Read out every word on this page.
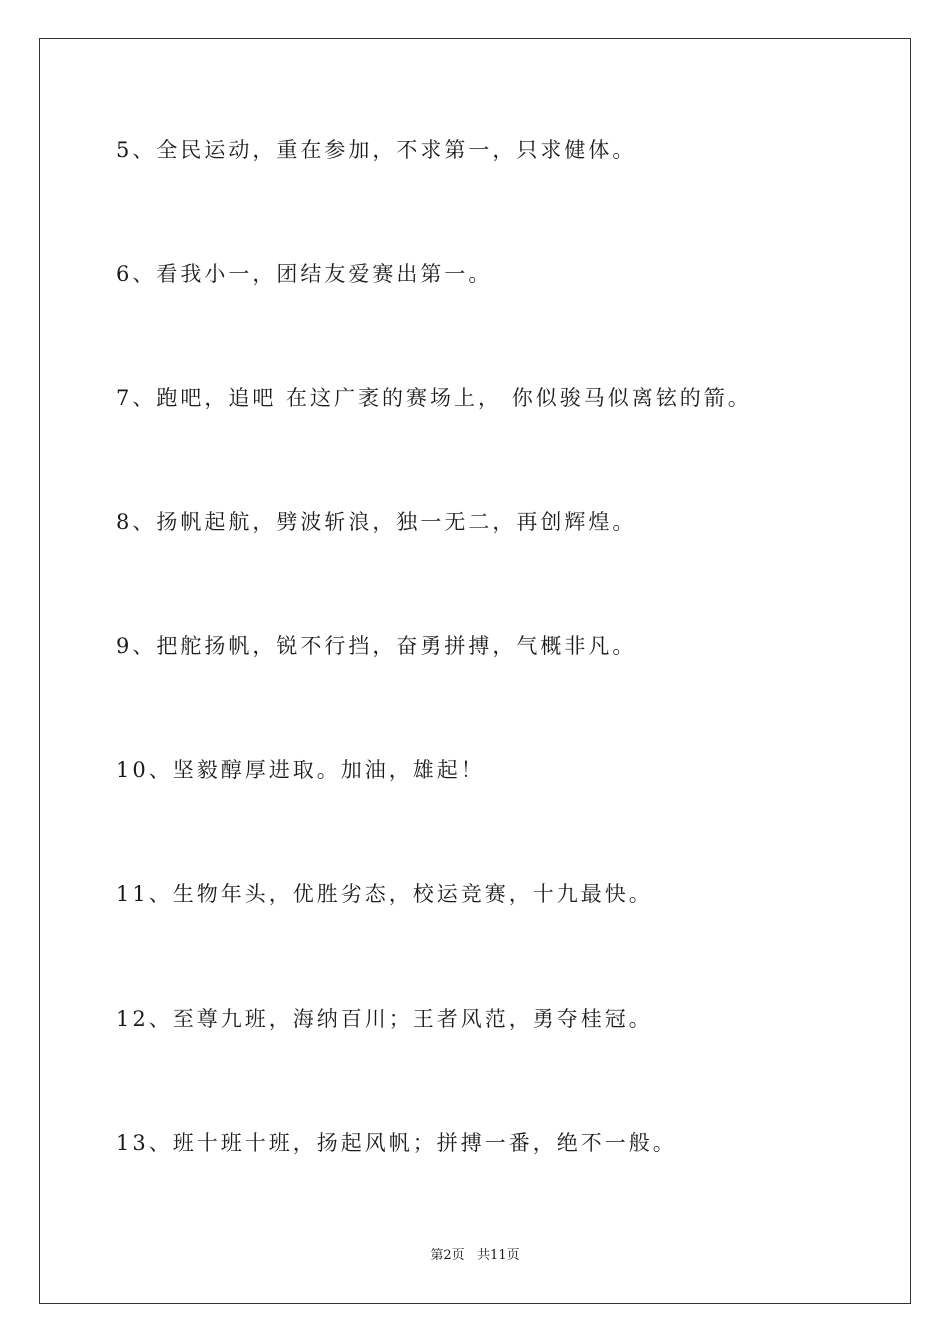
5、全民运动，重在参加，不求第一，只求健体。
6、看我小一，团结友爱赛出第一。
7、跑吧，追吧 在这广袤的赛场上， 你似骏马似离铉的箭。
8、扬帆起航，劈波斩浪，独一无二，再创辉煌。
9、把舵扬帆，锐不行挡，奋勇拼搏，气概非凡。
10、坚毅醇厚进取。加油，雄起！
11、生物年头，优胜劣态，校运竞赛，十九最快。
12、至尊九班，海纳百川；王者风范，勇夺桂冠。
13、班十班十班，扬起风帆；拼搏一番，绝不一般。
第2页   共11页
